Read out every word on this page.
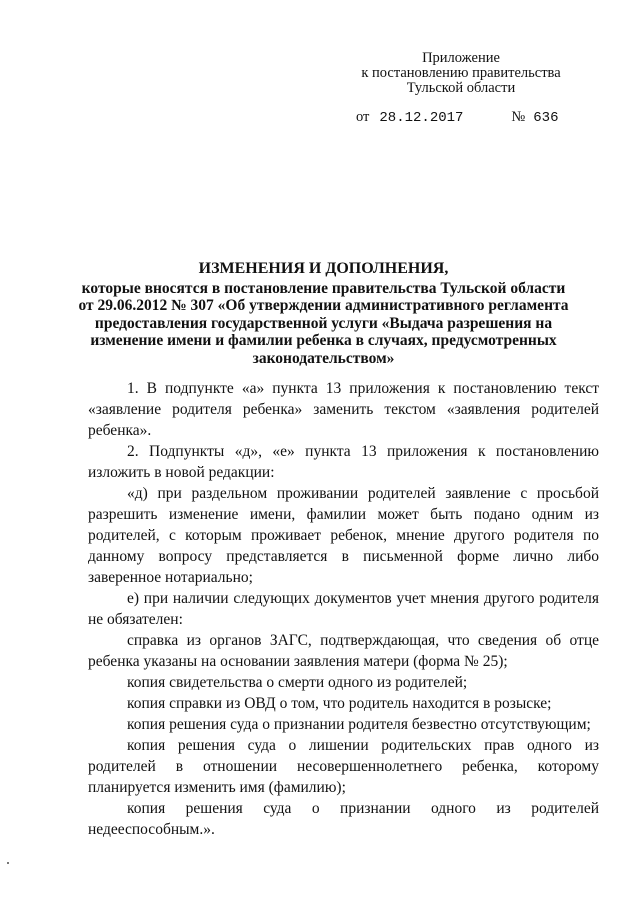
Приложение
к постановлению правительства
Тульской области
от 28.12.2017	№ 636
ИЗМЕНЕНИЯ И ДОПОЛНЕНИЯ,
которые вносятся в постановление правительства Тульской области
от 29.06.2012 № 307 «Об утверждении административного регламента
предоставления государственной услуги «Выдача разрешения на
изменение имени и фамилии ребенка в случаях, предусмотренных
законодательством»

1. В подпункте «а» пункта 13 приложения к постановлению текст «заявление родителя ребенка» заменить текстом «заявления родителей ребенка».

2. Подпункты «д», «е» пункта 13 приложения к постановлению изложить в новой редакции:

«д) при раздельном проживании родителей заявление с просьбой разрешить изменение имени, фамилии может быть подано одним из родителей, с которым проживает ребенок, мнение другого родителя по данному вопросу представляется в письменной форме лично либо заверенное нотариально;

е) при наличии следующих документов учет мнения другого родителя не обязателен:

справка из органов ЗАГС, подтверждающая, что сведения об отце ребенка указаны на основании заявления матери (форма № 25);

копия свидетельства о смерти одного из родителей;

копия справки из ОВД о том, что родитель находится в розыске;

копия решения суда о признании родителя безвестно отсутствующим;

копия решения суда о лишении родительских прав одного из родителей в отношении несовершеннолетнего ребенка, которому планируется изменить имя (фамилию);

копия решения суда о признании одного из родителей недееспособным.».
